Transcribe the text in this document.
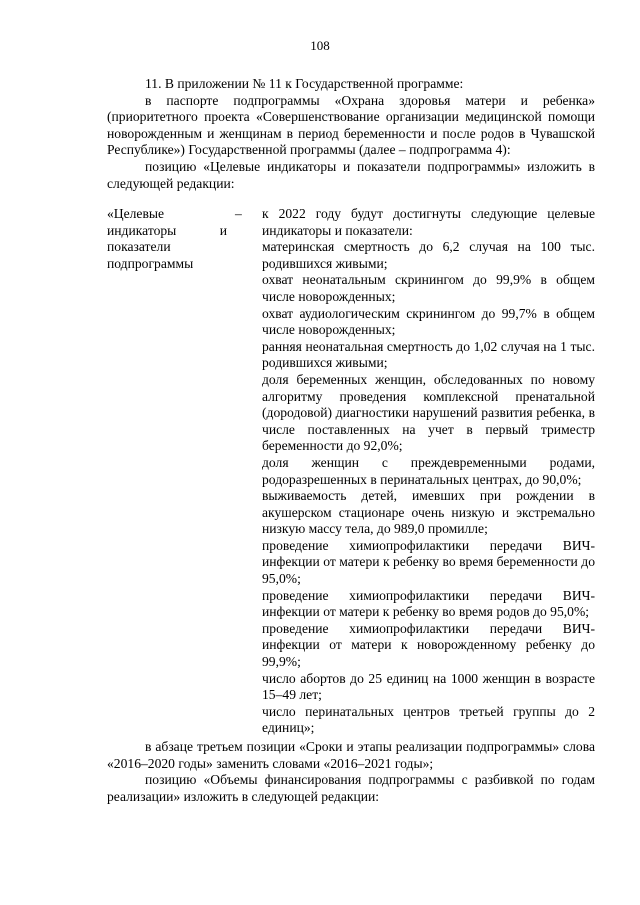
108

11. В приложении № 11 к Государственной программе:

в паспорте подпрограммы «Охрана здоровья матери и ребенка» (приоритетного проекта «Совершенствование организации медицинской помощи новорожденным и женщинам в период беременности и после родов в Чувашской Республике») Государственной программы (далее – подпрограмма 4):

позицию «Целевые индикаторы и показатели подпрограммы» изложить в следующей редакции:

«Целевые индикаторы и показатели подпрограммы
– к 2022 году будут достигнуты следующие целевые индикаторы и показатели:

материнская смертность до 6,2 случая на 100 тыс. родившихся живыми;

охват неонатальным скринингом до 99,9% в общем числе новорожденных;

охват аудиологическим скринингом до 99,7% в общем числе новорожденных;

ранняя неонатальная смертность до 1,02 случая на 1 тыс. родившихся живыми;

доля беременных женщин, обследованных по новому алгоритму проведения комплексной пренатальной (дородовой) диагностики нарушений развития ребенка, в числе поставленных на учет в первый триместр беременности до 92,0%;

доля женщин с преждевременными родами, родоразрешенных в перинатальных центрах, до 90,0%;

выживаемость детей, имевших при рождении в акушерском стационаре очень низкую и экстремально низкую массу тела, до 989,0 промилле;

проведение химиопрофилактики передачи ВИЧ-инфекции от матери к ребенку во время беременности до 95,0%;

проведение химиопрофилактики передачи ВИЧ-инфекции от матери к ребенку во время родов до 95,0%;

проведение химиопрофилактики передачи ВИЧ-инфекции от матери к новорожденному ребенку до 99,9%;

число абортов до 25 единиц на 1000 женщин в возрасте 15–49 лет;

число перинатальных центров третьей группы до 2 единиц»;

в абзаце третьем позиции «Сроки и этапы реализации подпрограммы» слова «2016–2020 годы» заменить словами «2016–2021 годы»;

позицию «Объемы финансирования подпрограммы с разбивкой по годам реализации» изложить в следующей редакции:
